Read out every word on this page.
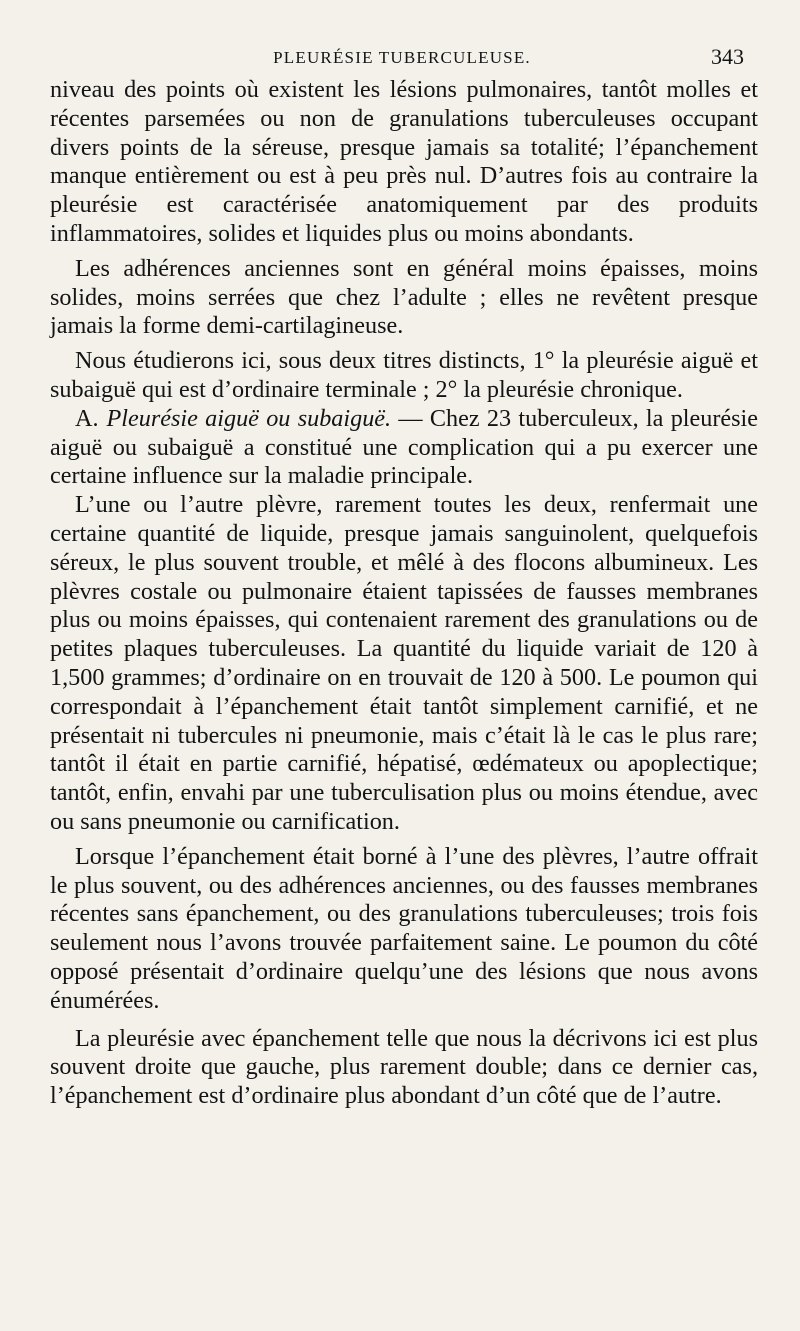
PLEURÉSIE TUBERCULEUSE.	343

niveau des points où existent les lésions pulmonaires, tantôt molles et récentes parsemées ou non de granulations tuberculeuses occupant divers points de la séreuse, presque jamais sa totalité; l’épanchement manque entièrement ou est à peu près nul. D’autres fois au contraire la pleurésie est caractérisée anatomiquement par des produits inflammatoires, solides et liquides plus ou moins abondants.

Les adhérences anciennes sont en général moins épaisses, moins solides, moins serrées que chez l’adulte ; elles ne revêtent presque jamais la forme demi-cartilagineuse.

Nous étudierons ici, sous deux titres distincts, 1° la pleurésie aiguë et subaiguë qui est d’ordinaire terminale ; 2° la pleurésie chronique.

A. Pleurésie aiguë ou subaiguë. — Chez 23 tuberculeux, la pleurésie aiguë ou subaiguë a constitué une complication qui a pu exercer une certaine influence sur la maladie principale.

L’une ou l’autre plèvre, rarement toutes les deux, renfermait une certaine quantité de liquide, presque jamais sanguinolent, quelquefois séreux, le plus souvent trouble, et mêlé à des flocons albumineux. Les plèvres costale ou pulmonaire étaient tapissées de fausses membranes plus ou moins épaisses, qui contenaient rarement des granulations ou de petites plaques tuberculeuses. La quantité du liquide variait de 120 à 1,500 grammes; d’ordinaire on en trouvait de 120 à 500. Le poumon qui correspondait à l’épanchement était tantôt simplement carnifié, et ne présentait ni tubercules ni pneumonie, mais c’était là le cas le plus rare; tantôt il était en partie carnifié, hépatisé, œdémateux ou apoplectique; tantôt, enfin, envahi par une tuberculisation plus ou moins étendue, avec ou sans pneumonie ou carnification.

Lorsque l’épanchement était borné à l’une des plèvres, l’autre offrait le plus souvent, ou des adhérences anciennes, ou des fausses membranes récentes sans épanchement, ou des granulations tuberculeuses; trois fois seulement nous l’avons trouvée parfaitement saine. Le poumon du côté opposé présentait d’ordinaire quelqu’une des lésions que nous avons énumérées.

La pleurésie avec épanchement telle que nous la décrivons ici est plus souvent droite que gauche, plus rarement double; dans ce dernier cas, l’épanchement est d’ordinaire plus abondant d’un côté que de l’autre.
